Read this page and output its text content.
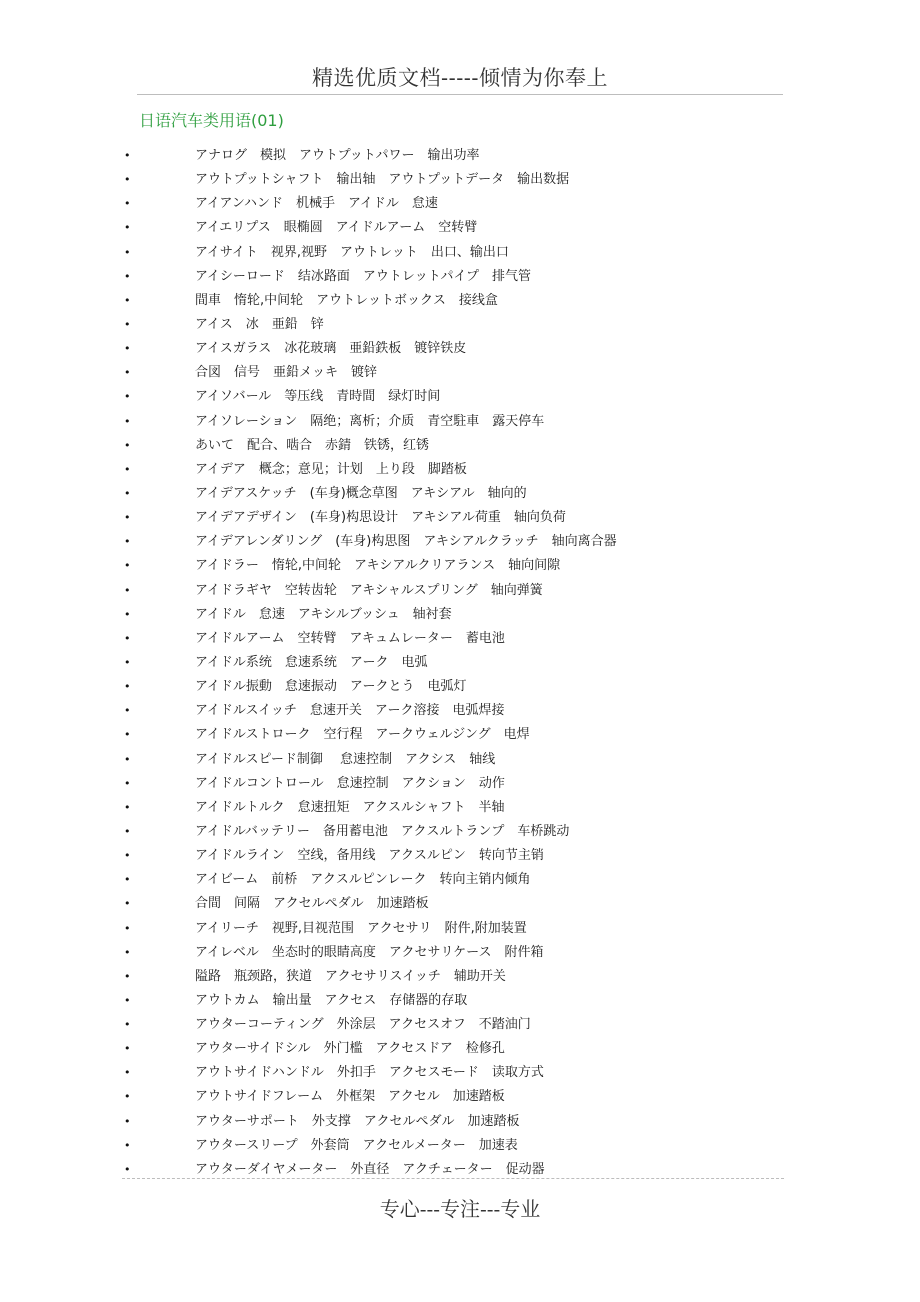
精选优质文档-----倾情为你奉上
日语汽车类用语(01)
•	アナログ　模拟　アウトプットパワー　输出功率
•	アウトプットシャフト　输出轴　アウトプットデータ　输出数据
•	アイアンハンド　机械手　アイドル　怠速
•	アイエリプス　眼椭圆　アイドルアーム　空转臂
•	アイサイト　视界,视野　アウトレット　出口、输出口
•	アイシーロード　结冰路面　アウトレットパイプ　排气管
•	間車　惰轮,中间轮　アウトレットボックス　接线盒
•	アイス　冰　亜鉛　锌
•	アイスガラス　冰花玻璃　亜鉛鉄板　镀锌铁皮
•	合図　信号　亜鉛メッキ　镀锌
•	アイソバール　等压线　青時間　绿灯时间
•	アイソレーション　隔绝；离析；介质　青空駐車　露天停车
•	あいて　配合、啮合　赤錆　铁锈，红锈
•	アイデア　概念；意见；计划　上り段　脚踏板
•	アイデアスケッチ　(车身)概念草图　アキシアル　轴向的
•	アイデアデザイン　(车身)构思设计　アキシアル荷重　轴向负荷
•	アイデアレンダリング　(车身)构思图　アキシアルクラッチ　轴向离合器
•	アイドラー　惰轮,中间轮　アキシアルクリアランス　轴向间隙
•	アイドラギヤ　空转齿轮　アキシャルスプリング　轴向弹簧
•	アイドル　怠速　アキシルブッシュ　轴衬套
•	アイドルアーム　空转臂　アキュムレーター　蓄电池
•	アイドル系统　怠速系统　アーク　电弧
•	アイドル振動　怠速振动　アークとう　电弧灯
•	アイドルスイッチ　怠速开关　アーク溶接　电弧焊接
•	アイドルストローク　空行程　アークウェルジング　电焊
•	アイドルスピード制御　 怠速控制　アクシス　轴线
•	アイドルコントロール　怠速控制　アクション　动作
•	アイドルトルク　怠速扭矩　アクスルシャフト　半轴
•	アイドルバッテリー　备用蓄电池　アクスルトランプ　车桥跳动
•	アイドルライン　空线，备用线　アクスルピン　转向节主销
•	アイビーム　前桥　アクスルピンレーク　转向主销内倾角
•	合間　间隔　アクセルペダル　加速踏板
•	アイリーチ　视野,目视范围　アクセサリ　附件,附加装置
•	アイレベル　坐态时的眼睛高度　アクセサリケース　附件箱
•	隘路　瓶颈路，狭道　アクセサリスイッチ　辅助开关
•	アウトカム　输出量　アクセス　存储器的存取
•	アウターコーティング　外涂层　アクセスオフ　不踏油门
•	アウターサイドシル　外门槛　アクセスドア　检修孔
•	アウトサイドハンドル　外扣手　アクセスモード　读取方式
•	アウトサイドフレーム　外框架　アクセル　加速踏板
•	アウターサポート　外支撑　アクセルペダル　加速踏板
•	アウタースリープ　外套筒　アクセルメーター　加速表
•	アウターダイヤメーター　外直径　アクチェーター　促动器
专心---专注---专业
